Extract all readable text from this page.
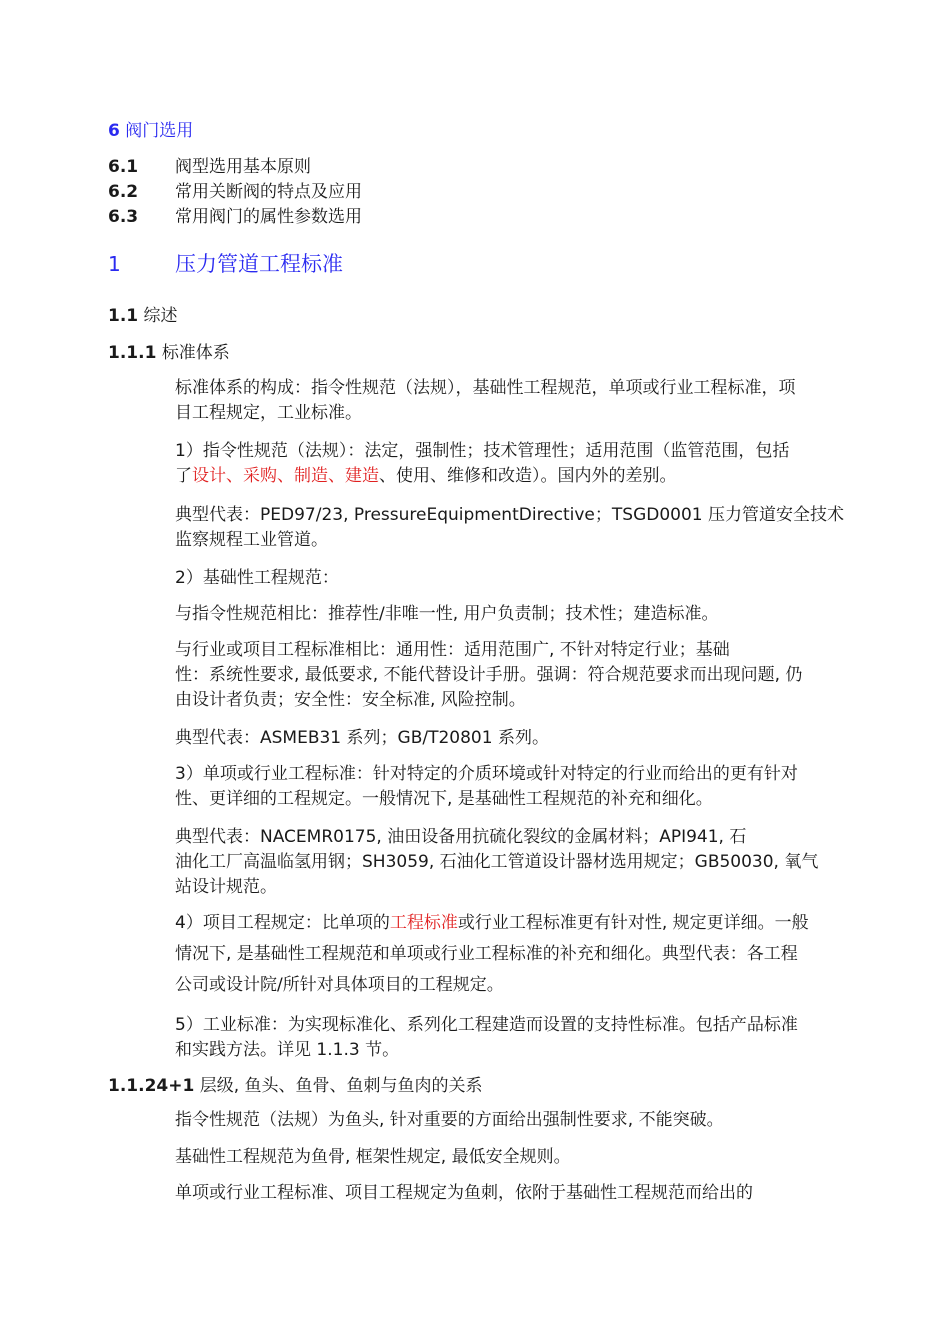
6 阀门选用
6.1 阀型选用基本原则
6.2 常用关断阀的特点及应用
6.3 常用阀门的属性参数选用
1	压力管道工程标准
1.1 综述
1.1.1 标准体系
标准体系的构成：指令性规范（法规），基础性工程规范，单项或行业工程标准，项
目工程规定，工业标准。
1）指令性规范（法规）：法定，强制性；技术管理性；适用范围（监管范围，包括
了设计、采购、制造、建造、使用、维修和改造）。国内外的差别。
典型代表：PED97/23, PressureEquipmentDirective；TSGD0001 压力管道安全技术
监察规程工业管道。
2）基础性工程规范：
与指令性规范相比：推荐性/非唯一性, 用户负责制；技术性；建造标准。
与行业或项目工程标准相比：通用性：适用范围广, 不针对特定行业；基础
性：系统性要求, 最低要求, 不能代替设计手册。强调：符合规范要求而出现问题, 仍
由设计者负责；安全性：安全标准, 风险控制。
典型代表：ASMEB31 系列；GB/T20801 系列。
3）单项或行业工程标准：针对特定的介质环境或针对特定的行业而给出的更有针对
性、更详细的工程规定。一般情况下, 是基础性工程规范的补充和细化。
典型代表：NACEMR0175, 油田设备用抗硫化裂纹的金属材料；API941, 石
油化工厂高温临氢用钢；SH3059, 石油化工管道设计器材选用规定；GB50030, 氧气
站设计规范。
4）项目工程规定：比单项的工程标准或行业工程标准更有针对性, 规定更详细。一般
情况下, 是基础性工程规范和单项或行业工程标准的补充和细化。典型代表：各工程
公司或设计院/所针对具体项目的工程规定。
5）工业标准：为实现标准化、系列化工程建造而设置的支持性标准。包括产品标准
和实践方法。详见 1.1.3 节。
1.1.24+1 层级, 鱼头、鱼骨、鱼刺与鱼肉的关系
指令性规范（法规）为鱼头, 针对重要的方面给出强制性要求, 不能突破。
基础性工程规范为鱼骨, 框架性规定, 最低安全规则。
单项或行业工程标准、项目工程规定为鱼刺，依附于基础性工程规范而给出的
